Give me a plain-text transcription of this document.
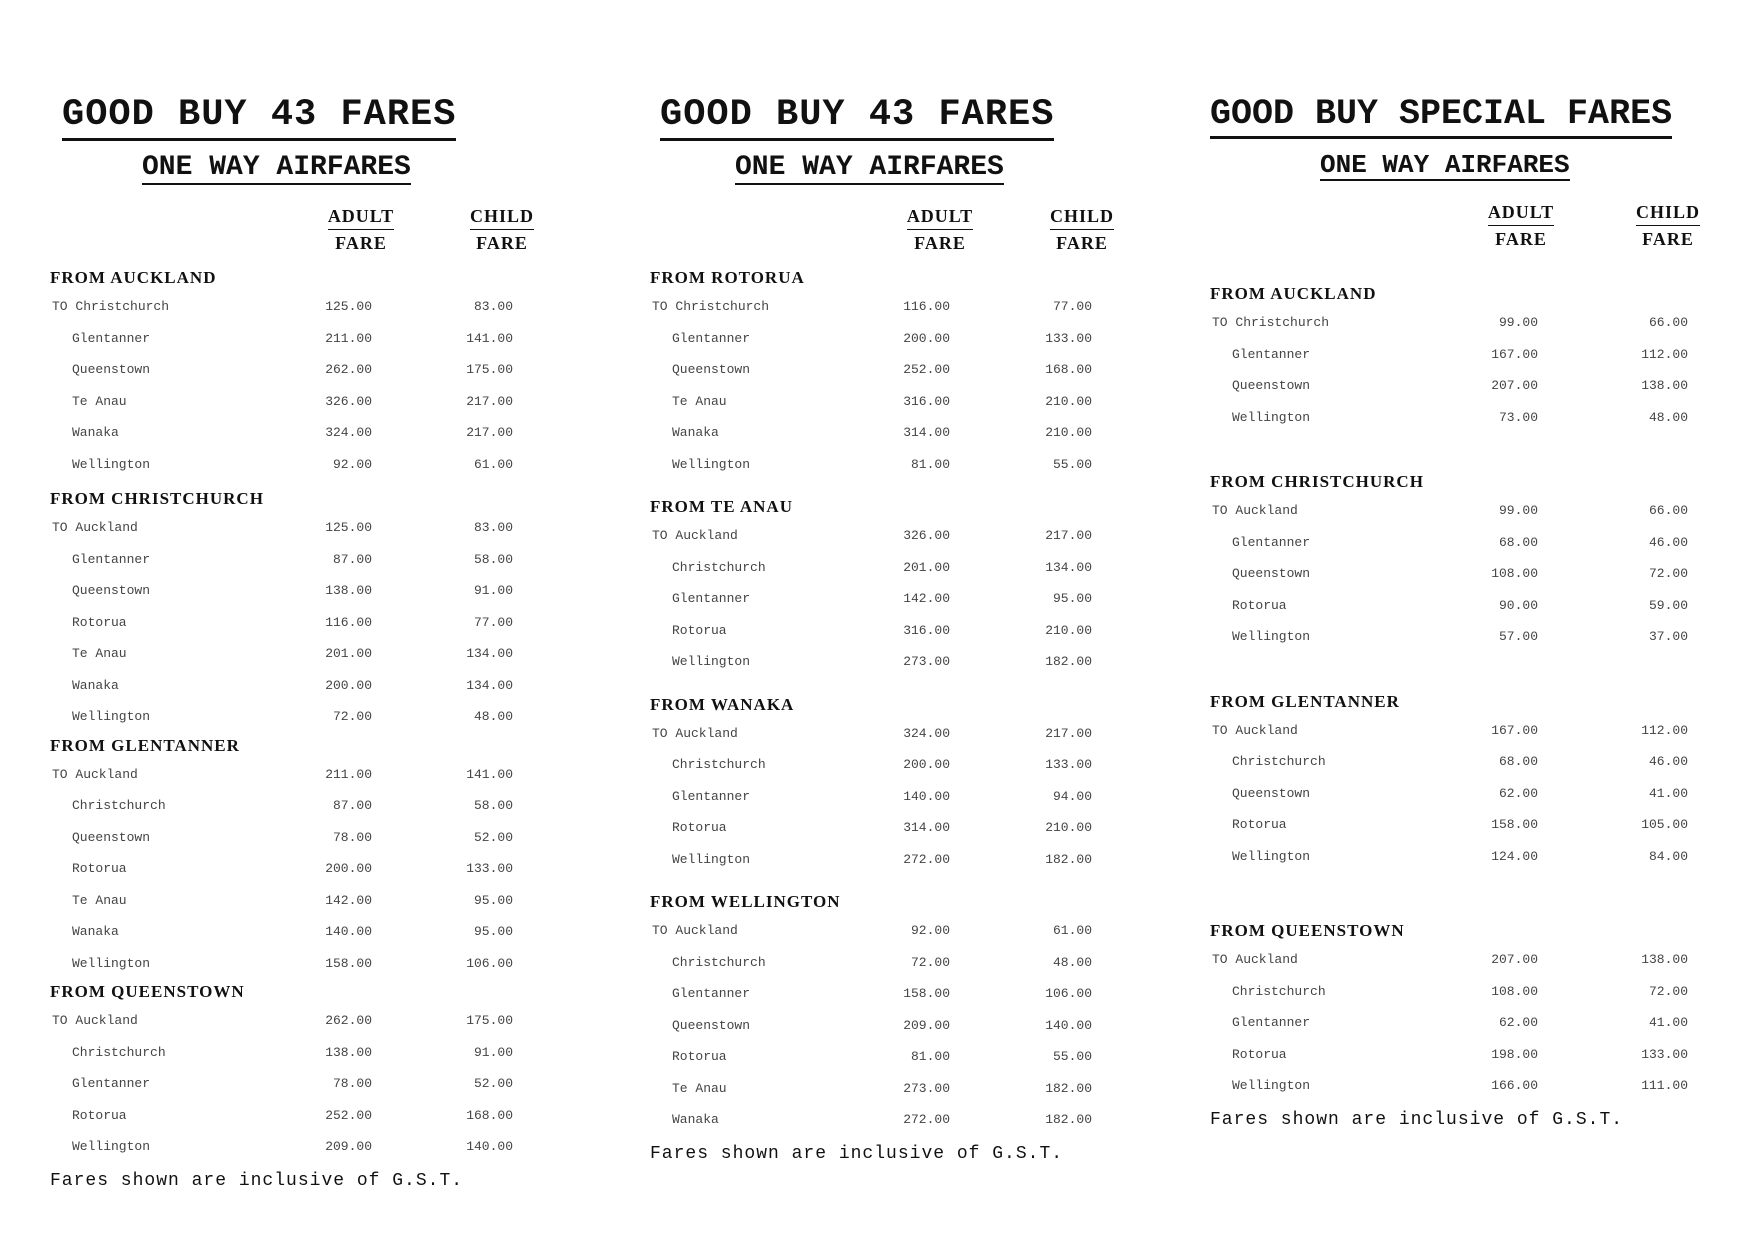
GOOD BUY 43 FARES
ONE WAY AIRFARES
ADULT
FARE
CHILD
FARE
FROM AUCKLAND
TO Christchurch	125.00	83.00
Glentanner	211.00	141.00
Queenstown	262.00	175.00
Te Anau	326.00	217.00
Wanaka	324.00	217.00
Wellington	92.00	61.00
FROM CHRISTCHURCH
TO Auckland	125.00	83.00
Glentanner	87.00	58.00
Queenstown	138.00	91.00
Rotorua	116.00	77.00
Te Anau	201.00	134.00
Wanaka	200.00	134.00
Wellington	72.00	48.00
FROM GLENTANNER
TO Auckland	211.00	141.00
Christchurch	87.00	58.00
Queenstown	78.00	52.00
Rotorua	200.00	133.00
Te Anau	142.00	95.00
Wanaka	140.00	95.00
Wellington	158.00	106.00
FROM QUEENSTOWN
TO Auckland	262.00	175.00
Christchurch	138.00	91.00
Glentanner	78.00	52.00
Rotorua	252.00	168.00
Wellington	209.00	140.00
Fares shown are inclusive of G.S.T.
GOOD BUY 43 FARES
ONE WAY AIRFARES
ADULT
FARE
CHILD
FARE
FROM ROTORUA
TO Christchurch	116.00	77.00
Glentanner	200.00	133.00
Queenstown	252.00	168.00
Te Anau	316.00	210.00
Wanaka	314.00	210.00
Wellington	81.00	55.00
FROM TE ANAU
TO Auckland	326.00	217.00
Christchurch	201.00	134.00
Glentanner	142.00	95.00
Rotorua	316.00	210.00
Wellington	273.00	182.00
FROM WANAKA
TO Auckland	324.00	217.00
Christchurch	200.00	133.00
Glentanner	140.00	94.00
Rotorua	314.00	210.00
Wellington	272.00	182.00
FROM WELLINGTON
TO Auckland	92.00	61.00
Christchurch	72.00	48.00
Glentanner	158.00	106.00
Queenstown	209.00	140.00
Rotorua	81.00	55.00
Te Anau	273.00	182.00
Wanaka	272.00	182.00
Fares shown are inclusive of G.S.T.
GOOD BUY SPECIAL FARES
ONE WAY AIRFARES
ADULT
FARE
CHILD
FARE
FROM AUCKLAND
TO Christchurch	99.00	66.00
Glentanner	167.00	112.00
Queenstown	207.00	138.00
Wellington	73.00	48.00
FROM CHRISTCHURCH
TO Auckland	99.00	66.00
Glentanner	68.00	46.00
Queenstown	108.00	72.00
Rotorua	90.00	59.00
Wellington	57.00	37.00
FROM GLENTANNER
TO Auckland	167.00	112.00
Christchurch	68.00	46.00
Queenstown	62.00	41.00
Rotorua	158.00	105.00
Wellington	124.00	84.00
FROM QUEENSTOWN
TO Auckland	207.00	138.00
Christchurch	108.00	72.00
Glentanner	62.00	41.00
Rotorua	198.00	133.00
Wellington	166.00	111.00
Fares shown are inclusive of G.S.T.
